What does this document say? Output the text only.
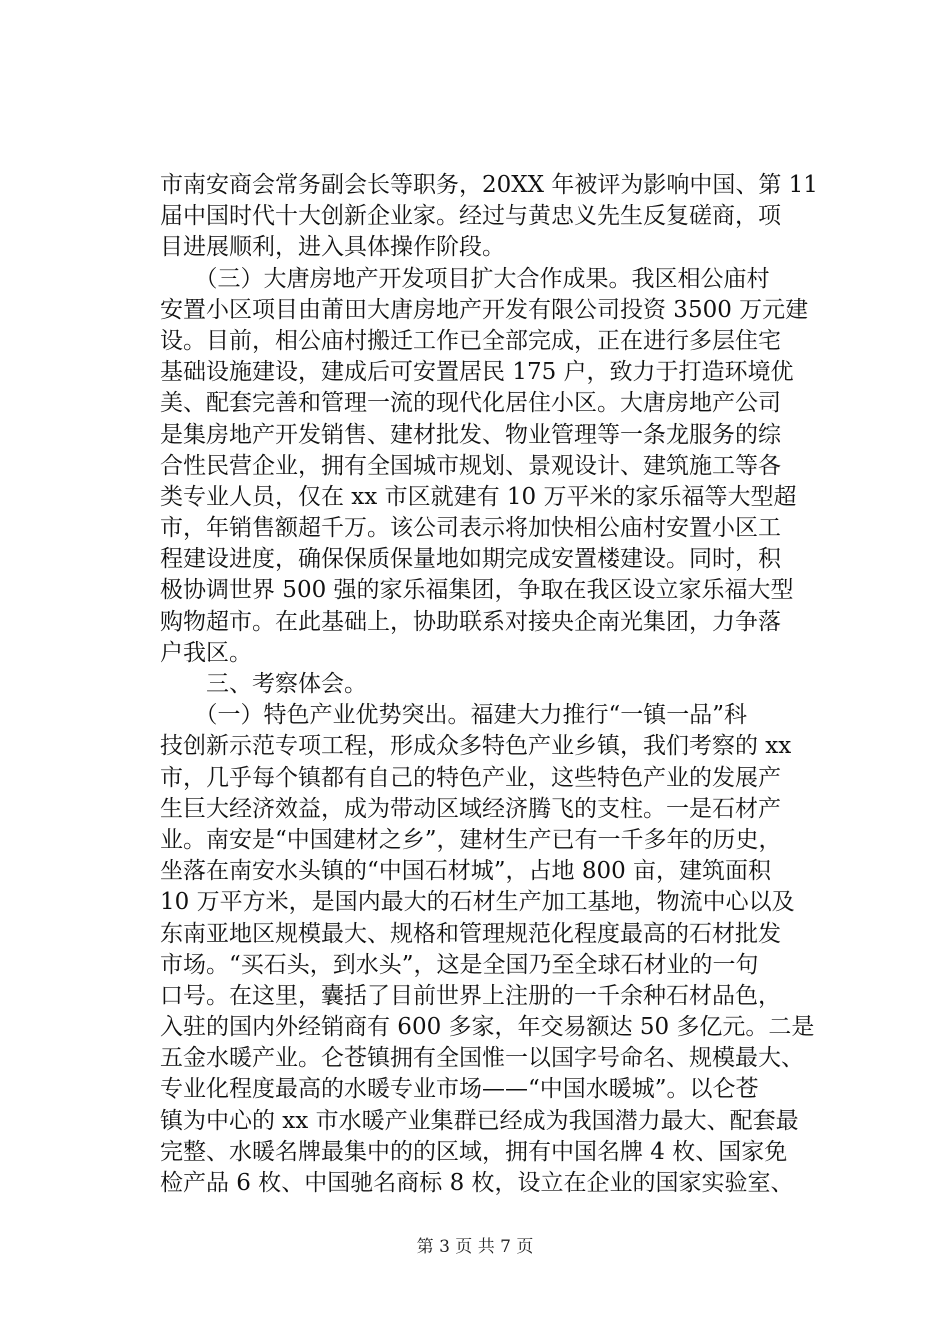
市南安商会常务副会长等职务，20XX 年被评为影响中国、第 11
届中国时代十大创新企业家。经过与黄忠义先生反复磋商，项
目进展顺利，进入具体操作阶段。
　　（三）大唐房地产开发项目扩大合作成果。我区相公庙村
安置小区项目由莆田大唐房地产开发有限公司投资 3500 万元建
设。目前，相公庙村搬迁工作已全部完成，正在进行多层住宅
基础设施建设，建成后可安置居民 175 户，致力于打造环境优
美、配套完善和管理一流的现代化居住小区。大唐房地产公司
是集房地产开发销售、建材批发、物业管理等一条龙服务的综
合性民营企业，拥有全国城市规划、景观设计、建筑施工等各
类专业人员，仅在 xx 市区就建有 10 万平米的家乐福等大型超
市，年销售额超千万。该公司表示将加快相公庙村安置小区工
程建设进度，确保保质保量地如期完成安置楼建设。同时，积
极协调世界 500 强的家乐福集团，争取在我区设立家乐福大型
购物超市。在此基础上，协助联系对接央企南光集团，力争落
户我区。
　　三、考察体会。
　　（一）特色产业优势突出。福建大力推行“一镇一品”科
技创新示范专项工程，形成众多特色产业乡镇，我们考察的 xx
市，几乎每个镇都有自己的特色产业，这些特色产业的发展产
生巨大经济效益，成为带动区域经济腾飞的支柱。一是石材产
业。南安是“中国建材之乡”，建材生产已有一千多年的历史，
坐落在南安水头镇的“中国石材城”，占地 800 亩，建筑面积
10 万平方米，是国内最大的石材生产加工基地，物流中心以及
东南亚地区规模最大、规格和管理规范化程度最高的石材批发
市场。“买石头，到水头”，这是全国乃至全球石材业的一句
口号。在这里，囊括了目前世界上注册的一千余种石材品色，
入驻的国内外经销商有 600 多家，年交易额达 50 多亿元。二是
五金水暖产业。仑苍镇拥有全国惟一以国字号命名、规模最大、
专业化程度最高的水暖专业市场——“中国水暖城”。以仑苍
镇为中心的 xx 市水暖产业集群已经成为我国潜力最大、配套最
完整、水暖名牌最集中的的区域，拥有中国名牌 4 枚、国家免
检产品 6 枚、中国驰名商标 8 枚，设立在企业的国家实验室、
第 3 页 共 7 页
